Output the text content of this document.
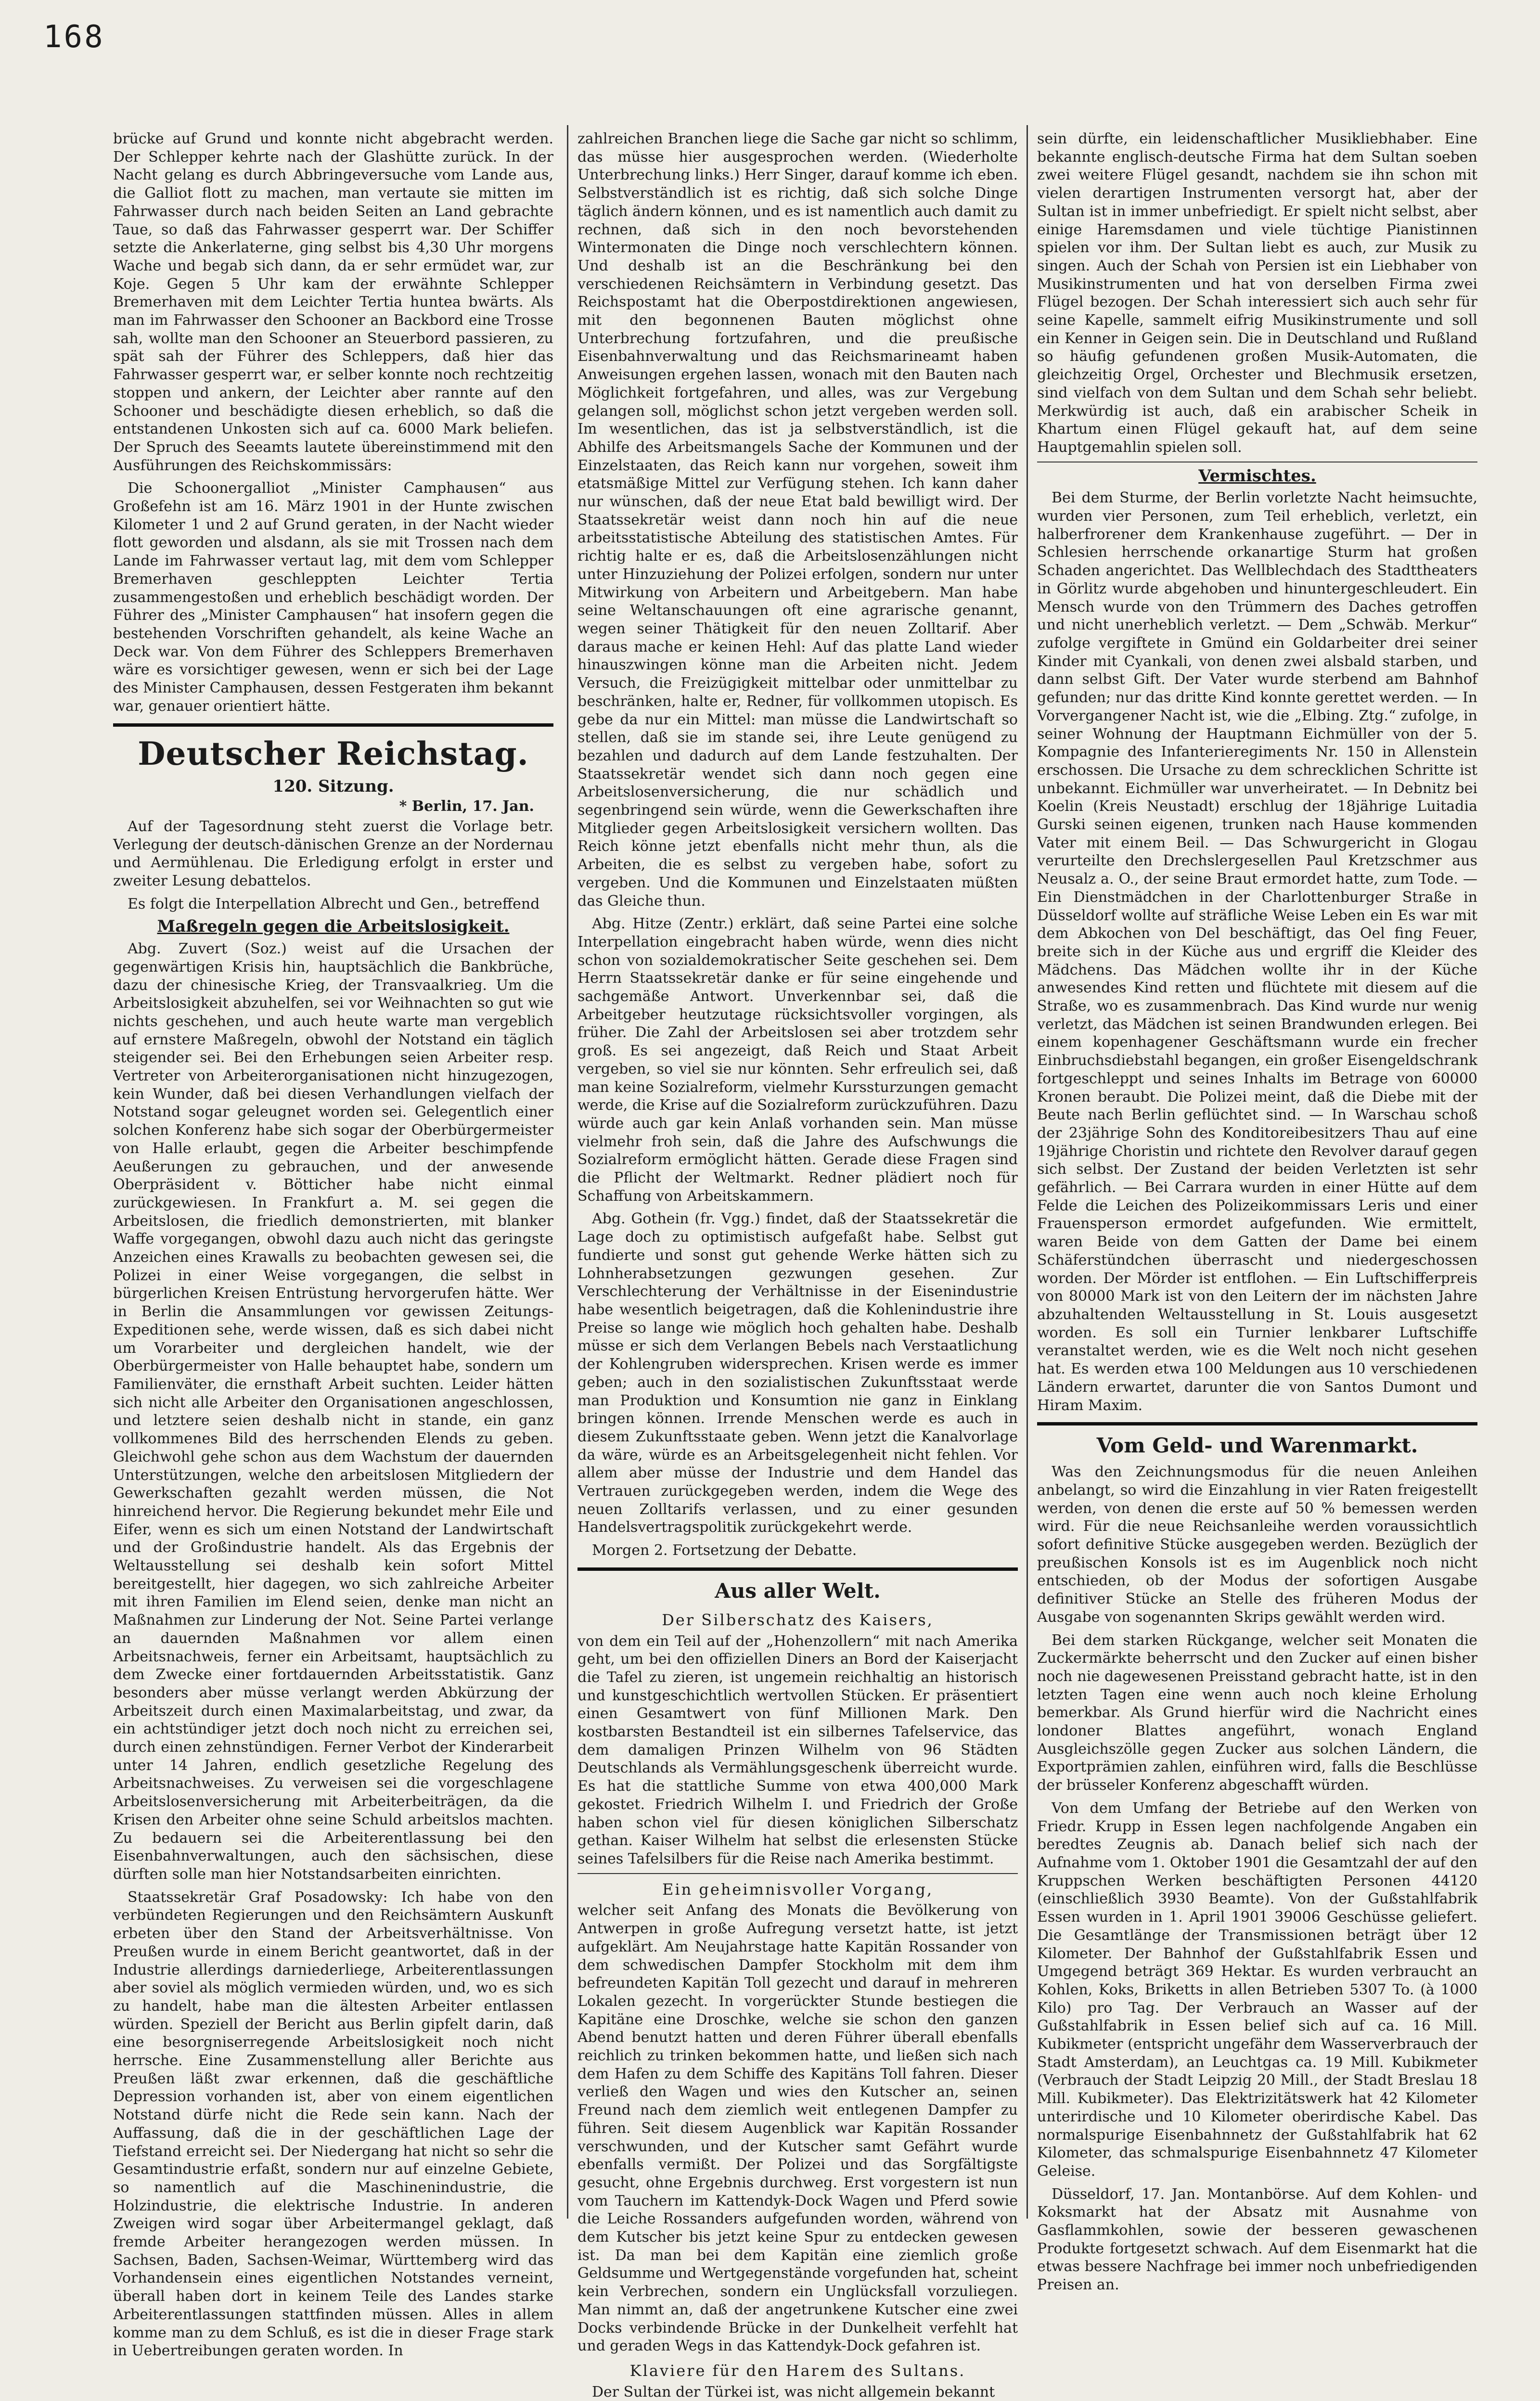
168

brücke auf Grund und konnte nicht abgebracht werden. Der Schlepper kehrte nach der Glashütte zurück. In der Nacht gelang es durch Abbringeversuche vom Lande aus, die Galliot flott zu machen, man vertaute sie mitten im Fahrwasser durch nach beiden Seiten an Land gebrachte Taue, so daß das Fahrwasser gesperrt war. Der Schiffer setzte die Ankerlaterne, ging selbst bis 4,30 Uhr morgens Wache und begab sich dann, da er sehr ermüdet war, zur Koje. Gegen 5 Uhr kam der erwähnte Schlepper Bremerhaven mit dem Leichter Tertia huntea bwärts. Als man im Fahrwasser den Schooner an Backbord eine Trosse sah, wollte man den Schooner an Steuerbord passieren, zu spät sah der Führer des Schleppers, daß hier das Fahrwasser gesperrt war, er selber konnte noch rechtzeitig stoppen und ankern, der Leichter aber rannte auf den Schooner und beschädigte diesen erheblich, so daß die entstandenen Unkosten sich auf ca. 6000 Mark beliefen. Der Spruch des Seeamts lautete übereinstimmend mit den Ausführungen des Reichskommissärs:

Die Schoonergalliot „Minister Camphausen“ aus Großefehn ist am 16. März 1901 in der Hunte zwischen Kilometer 1 und 2 auf Grund geraten, in der Nacht wieder flott geworden und alsdann, als sie mit Trossen nach dem Lande im Fahrwasser vertaut lag, mit dem vom Schlepper Bremerhaven geschleppten Leichter Tertia zusammengestoßen und erheblich beschädigt worden. Der Führer des „Minister Camphausen“ hat insofern gegen die bestehenden Vorschriften gehandelt, als keine Wache an Deck war. Von dem Führer des Schleppers Bremerhaven wäre es vorsichtiger gewesen, wenn er sich bei der Lage des Minister Camphausen, dessen Festgeraten ihm bekannt war, genauer orientiert hätte.

Deutscher Reichstag.
120. Sitzung.
* Berlin, 17. Jan.

Auf der Tagesordnung steht zuerst die Vorlage betr. Verlegung der deutsch-dänischen Grenze an der Nordernau und Aermühlenau. Die Erledigung erfolgt in erster und zweiter Lesung debattelos.

Es folgt die Interpellation Albrecht und Gen., betreffend

Maßregeln gegen die Arbeitslosigkeit.

Abg. Zuvert (Soz.) weist auf die Ursachen der gegenwärtigen Krisis hin, hauptsächlich die Bankbrüche, dazu der chinesische Krieg, der Transvaalkrieg. Um die Arbeitslosigkeit abzuhelfen, sei vor Weihnachten so gut wie nichts geschehen, und auch heute warte man vergeblich auf ernstere Maßregeln, obwohl der Notstand ein täglich steigender sei. Bei den Erhebungen seien Arbeiter resp. Vertreter von Arbeiterorganisationen nicht hinzugezogen, kein Wunder, daß bei diesen Verhandlungen vielfach der Notstand sogar geleugnet worden sei. Gelegentlich einer solchen Konferenz habe sich sogar der Oberbürgermeister von Halle erlaubt, gegen die Arbeiter beschimpfende Aeußerungen zu gebrauchen, und der anwesende Oberpräsident v. Bötticher habe nicht einmal zurückgewiesen. In Frankfurt a. M. sei gegen die Arbeitslosen, die friedlich demonstrierten, mit blanker Waffe vorgegangen, obwohl dazu auch nicht das geringste Anzeichen eines Krawalls zu beobachten gewesen sei, die Polizei in einer Weise vorgegangen, die selbst in bürgerlichen Kreisen Entrüstung hervorgerufen hätte. Wer in Berlin die Ansammlungen vor gewissen Zeitungs-Expeditionen sehe, werde wissen, daß es sich dabei nicht um Vorarbeiter und dergleichen handelt, wie der Oberbürgermeister von Halle behauptet habe, sondern um Familienväter, die ernsthaft Arbeit suchten. Leider hätten sich nicht alle Arbeiter den Organisationen angeschlossen, und letztere seien deshalb nicht in stande, ein ganz vollkommenes Bild des herrschenden Elends zu geben. Gleichwohl gehe schon aus dem Wachstum der dauernden Unterstützungen, welche den arbeitslosen Mitgliedern der Gewerkschaften gezahlt werden müssen, die Not hinreichend hervor. Die Regierung bekundet mehr Eile und Eifer, wenn es sich um einen Notstand der Landwirtschaft und der Großindustrie handelt. Als das Ergebnis der Weltausstellung sei deshalb kein sofort Mittel bereitgestellt, hier dagegen, wo sich zahlreiche Arbeiter mit ihren Familien im Elend seien, denke man nicht an Maßnahmen zur Linderung der Not. Seine Partei verlange an dauernden Maßnahmen vor allem einen Arbeitsnachweis, ferner ein Arbeitsamt, hauptsächlich zu dem Zwecke einer fortdauernden Arbeitsstatistik. Ganz besonders aber müsse verlangt werden Abkürzung der Arbeitszeit durch einen Maximalarbeitstag, und zwar, da ein achtstündiger jetzt doch noch nicht zu erreichen sei, durch einen zehnstündigen. Ferner Verbot der Kinderarbeit unter 14 Jahren, endlich gesetzliche Regelung des Arbeitsnachweises. Zu verweisen sei die vorgeschlagene Arbeitslosenversicherung mit Arbeiterbeiträgen, da die Krisen den Arbeiter ohne seine Schuld arbeitslos machten. Zu bedauern sei die Arbeiterentlassung bei den Eisenbahnverwaltungen, auch den sächsischen, diese dürften solle man hier Notstandsarbeiten einrichten.

Staatssekretär Graf Posadowsky: Ich habe von den verbündeten Regierungen und den Reichsämtern Auskunft erbeten über den Stand der Arbeitsverhältnisse. Von Preußen wurde in einem Bericht geantwortet, daß in der Industrie allerdings darniederliege, Arbeiterentlassungen aber soviel als möglich vermieden würden, und, wo es sich zu handelt, habe man die ältesten Arbeiter entlassen würden. Speziell der Bericht aus Berlin gipfelt darin, daß eine besorgniserregende Arbeitslosigkeit noch nicht herrsche. Eine Zusammenstellung aller Berichte aus Preußen läßt zwar erkennen, daß die geschäftliche Depression vorhanden ist, aber von einem eigentlichen Notstand dürfe nicht die Rede sein kann. Nach der Auffassung, daß die in der geschäftlichen Lage der Tiefstand erreicht sei. Der Niedergang hat nicht so sehr die Gesamtindustrie erfaßt, sondern nur auf einzelne Gebiete, so namentlich auf die Maschinenindustrie, die Holzindustrie, die elektrische Industrie. In anderen Zweigen wird sogar über Arbeitermangel geklagt, daß fremde Arbeiter herangezogen werden müssen. In Sachsen, Baden, Sachsen-Weimar, Württemberg wird das Vorhandensein eines eigentlichen Notstandes verneint, überall haben dort in keinem Teile des Landes starke Arbeiterentlassungen stattfinden müssen. Alles in allem komme man zu dem Schluß, es ist die in dieser Frage stark in Uebertreibungen geraten worden. In

zahlreichen Branchen liege die Sache gar nicht so schlimm, das müsse hier ausgesprochen werden. (Wiederholte Unterbrechung links.) Herr Singer, darauf komme ich eben. Selbstverständlich ist es richtig, daß sich solche Dinge täglich ändern können, und es ist namentlich auch damit zu rechnen, daß sich in den noch bevorstehenden Wintermonaten die Dinge noch verschlechtern können. Und deshalb ist an die Beschränkung bei den verschiedenen Reichsämtern in Verbindung gesetzt. Das Reichspostamt hat die Oberpostdirektionen angewiesen, mit den begonnenen Bauten möglichst ohne Unterbrechung fortzufahren, und die preußische Eisenbahnverwaltung und das Reichsmarineamt haben Anweisungen ergehen lassen, wonach mit den Bauten nach Möglichkeit fortgefahren, und alles, was zur Vergebung gelangen soll, möglichst schon jetzt vergeben werden soll. Im wesentlichen, das ist ja selbstverständlich, ist die Abhilfe des Arbeitsmangels Sache der Kommunen und der Einzelstaaten, das Reich kann nur vorgehen, soweit ihm etatsmäßige Mittel zur Verfügung stehen. Ich kann daher nur wünschen, daß der neue Etat bald bewilligt wird. Der Staatssekretär weist dann noch hin auf die neue arbeitsstatistische Abteilung des statistischen Amtes. Für richtig halte er es, daß die Arbeitslosenzählungen nicht unter Hinzuziehung der Polizei erfolgen, sondern nur unter Mitwirkung von Arbeitern und Arbeitgebern. Man habe seine Weltanschauungen oft eine agrarische genannt, wegen seiner Thätigkeit für den neuen Zolltarif. Aber daraus mache er keinen Hehl: Auf das platte Land wieder hinauszwingen könne man die Arbeiten nicht. Jedem Versuch, die Freizügigkeit mittelbar oder unmittelbar zu beschränken, halte er, Redner, für vollkommen utopisch. Es gebe da nur ein Mittel: man müsse die Landwirtschaft so stellen, daß sie im stande sei, ihre Leute genügend zu bezahlen und dadurch auf dem Lande festzuhalten. Der Staatssekretär wendet sich dann noch gegen eine Arbeitslosenversicherung, die nur schädlich und segenbringend sein würde, wenn die Gewerkschaften ihre Mitglieder gegen Arbeitslosigkeit versichern wollten. Das Reich könne jetzt ebenfalls nicht mehr thun, als die Arbeiten, die es selbst zu vergeben habe, sofort zu vergeben. Und die Kommunen und Einzelstaaten müßten das Gleiche thun.

Abg. Hitze (Zentr.) erklärt, daß seine Partei eine solche Interpellation eingebracht haben würde, wenn dies nicht schon von sozialdemokratischer Seite geschehen sei. Dem Herrn Staatssekretär danke er für seine eingehende und sachgemäße Antwort. Unverkennbar sei, daß die Arbeitgeber heutzutage rücksichtsvoller vorgingen, als früher. Die Zahl der Arbeitslosen sei aber trotzdem sehr groß. Es sei angezeigt, daß Reich und Staat Arbeit vergeben, so viel sie nur könnten. Sehr erfreulich sei, daß man keine Sozialreform, vielmehr Kurssturzungen gemacht werde, die Krise auf die Sozialreform zurückzuführen. Dazu würde auch gar kein Anlaß vorhanden sein. Man müsse vielmehr froh sein, daß die Jahre des Aufschwungs die Sozialreform ermöglicht hätten. Gerade diese Fragen sind die Pflicht der Weltmarkt. Redner plädiert noch für Schaffung von Arbeitskammern.

Abg. Gothein (fr. Vgg.) findet, daß der Staatssekretär die Lage doch zu optimistisch aufgefaßt habe. Selbst gut fundierte und sonst gut gehende Werke hätten sich zu Lohnherabsetzungen gezwungen gesehen. Zur Verschlechterung der Verhältnisse in der Eisenindustrie habe wesentlich beigetragen, daß die Kohlenindustrie ihre Preise so lange wie möglich hoch gehalten habe. Deshalb müsse er sich dem Verlangen Bebels nach Verstaatlichung der Kohlengruben widersprechen. Krisen werde es immer geben; auch in den sozialistischen Zukunftsstaat werde man Produktion und Konsumtion nie ganz in Einklang bringen können. Irrende Menschen werde es auch in diesem Zukunftsstaate geben. Wenn jetzt die Kanalvorlage da wäre, würde es an Arbeitsgelegenheit nicht fehlen. Vor allem aber müsse der Industrie und dem Handel das Vertrauen zurückgegeben werden, indem die Wege des neuen Zolltarifs verlassen, und zu einer gesunden Handelsvertragspolitik zurückgekehrt werde.

Morgen 2. Fortsetzung der Debatte.

Aus aller Welt.
Der Silberschatz des Kaisers,

von dem ein Teil auf der „Hohenzollern“ mit nach Amerika geht, um bei den offiziellen Diners an Bord der Kaiserjacht die Tafel zu zieren, ist ungemein reichhaltig an historisch und kunstgeschichtlich wertvollen Stücken. Er präsentiert einen Gesamtwert von fünf Millionen Mark. Den kostbarsten Bestandteil ist ein silbernes Tafelservice, das dem damaligen Prinzen Wilhelm von 96 Städten Deutschlands als Vermählungsgeschenk überreicht wurde. Es hat die stattliche Summe von etwa 400,000 Mark gekostet. Friedrich Wilhelm I. und Friedrich der Große haben schon viel für diesen königlichen Silberschatz gethan. Kaiser Wilhelm hat selbst die erlesensten Stücke seines Tafelsilbers für die Reise nach Amerika bestimmt.

Ein geheimnisvoller Vorgang,

welcher seit Anfang des Monats die Bevölkerung von Antwerpen in große Aufregung versetzt hatte, ist jetzt aufgeklärt. Am Neujahrstage hatte Kapitän Rossander von dem schwedischen Dampfer Stockholm mit dem ihm befreundeten Kapitän Toll gezecht und darauf in mehreren Lokalen gezecht. In vorgerückter Stunde bestiegen die Kapitäne eine Droschke, welche sie schon den ganzen Abend benutzt hatten und deren Führer überall ebenfalls reichlich zu trinken bekommen hatte, und ließen sich nach dem Hafen zu dem Schiffe des Kapitäns Toll fahren. Dieser verließ den Wagen und wies den Kutscher an, seinen Freund nach dem ziemlich weit entlegenen Dampfer zu führen. Seit diesem Augenblick war Kapitän Rossander verschwunden, und der Kutscher samt Gefährt wurde ebenfalls vermißt. Der Polizei und das Sorgfältigste gesucht, ohne Ergebnis durchweg. Erst vorgestern ist nun vom Tauchern im Kattendyk-Dock Wagen und Pferd sowie die Leiche Rossanders aufgefunden worden, während von dem Kutscher bis jetzt keine Spur zu entdecken gewesen ist. Da man bei dem Kapitän eine ziemlich große Geldsumme und Wertgegenstände vorgefunden hat, scheint kein Verbrechen, sondern ein Unglücksfall vorzuliegen. Man nimmt an, daß der angetrunkene Kutscher eine zwei Docks verbindende Brücke in der Dunkelheit verfehlt hat und geraden Wegs in das Kattendyk-Dock gefahren ist.

Klaviere für den Harem des Sultans.

Der Sultan der Türkei ist, was nicht allgemein bekannt

sein dürfte, ein leidenschaftlicher Musikliebhaber. Eine bekannte englisch-deutsche Firma hat dem Sultan soeben zwei weitere Flügel gesandt, nachdem sie ihn schon mit vielen derartigen Instrumenten versorgt hat, aber der Sultan ist in immer unbefriedigt. Er spielt nicht selbst, aber einige Haremsdamen und viele tüchtige Pianistinnen spielen vor ihm. Der Sultan liebt es auch, zur Musik zu singen. Auch der Schah von Persien ist ein Liebhaber von Musikinstrumenten und hat von derselben Firma zwei Flügel bezogen. Der Schah interessiert sich auch sehr für seine Kapelle, sammelt eifrig Musikinstrumente und soll ein Kenner in Geigen sein. Die in Deutschland und Rußland so häufig gefundenen großen Musik-Automaten, die gleichzeitig Orgel, Orchester und Blechmusik ersetzen, sind vielfach von dem Sultan und dem Schah sehr beliebt. Merkwürdig ist auch, daß ein arabischer Scheik in Khartum einen Flügel gekauft hat, auf dem seine Hauptgemahlin spielen soll.

Vermischtes.

Bei dem Sturme, der Berlin vorletzte Nacht heimsuchte, wurden vier Personen, zum Teil erheblich, verletzt, ein halberfrorener dem Krankenhause zugeführt. — Der in Schlesien herrschende orkanartige Sturm hat großen Schaden angerichtet. Das Wellblechdach des Stadttheaters in Görlitz wurde abgehoben und hinuntergeschleudert. Ein Mensch wurde von den Trümmern des Daches getroffen und nicht unerheblich verletzt. — Dem „Schwäb. Merkur“ zufolge vergiftete in Gmünd ein Goldarbeiter drei seiner Kinder mit Cyankali, von denen zwei alsbald starben, und dann selbst Gift. Der Vater wurde sterbend am Bahnhof gefunden; nur das dritte Kind konnte gerettet werden. — In Vorvergangener Nacht ist, wie die „Elbing. Ztg.“ zufolge, in seiner Wohnung der Hauptmann Eichmüller von der 5. Kompagnie des Infanterieregiments Nr. 150 in Allenstein erschossen. Die Ursache zu dem schrecklichen Schritte ist unbekannt. Eichmüller war unverheiratet. — In Debnitz bei Koelin (Kreis Neustadt) erschlug der 18jährige Luitadia Gurski seinen eigenen, trunken nach Hause kommenden Vater mit einem Beil. — Das Schwurgericht in Glogau verurteilte den Drechslergesellen Paul Kretzschmer aus Neusalz a. O., der seine Braut ermordet hatte, zum Tode. — Ein Dienstmädchen in der Charlottenburger Straße in Düsseldorf wollte auf sträfliche Weise Leben ein Es war mit dem Abkochen von Del beschäftigt, das Oel fing Feuer, breite sich in der Küche aus und ergriff die Kleider des Mädchens. Das Mädchen wollte ihr in der Küche anwesendes Kind retten und flüchtete mit diesem auf die Straße, wo es zusammenbrach. Das Kind wurde nur wenig verletzt, das Mädchen ist seinen Brandwunden erlegen. Bei einem kopenhagener Geschäftsmann wurde ein frecher Einbruchsdiebstahl begangen, ein großer Eisengeldschrank fortgeschleppt und seines Inhalts im Betrage von 60000 Kronen beraubt. Die Polizei meint, daß die Diebe mit der Beute nach Berlin geflüchtet sind. — In Warschau schoß der 23jährige Sohn des Konditoreibesitzers Thau auf eine 19jährige Choristin und richtete den Revolver darauf gegen sich selbst. Der Zustand der beiden Verletzten ist sehr gefährlich. — Bei Carrara wurden in einer Hütte auf dem Felde die Leichen des Polizeikommissars Leris und einer Frauensperson ermordet aufgefunden. Wie ermittelt, waren Beide von dem Gatten der Dame bei einem Schäferstündchen überrascht und niedergeschossen worden. Der Mörder ist entflohen. — Ein Luftschifferpreis von 80000 Mark ist von den Leitern der im nächsten Jahre abzuhaltenden Weltausstellung in St. Louis ausgesetzt worden. Es soll ein Turnier lenkbarer Luftschiffe veranstaltet werden, wie es die Welt noch nicht gesehen hat. Es werden etwa 100 Meldungen aus 10 verschiedenen Ländern erwartet, darunter die von Santos Dumont und Hiram Maxim.

Vom Geld- und Warenmarkt.

Was den Zeichnungsmodus für die neuen Anleihen anbelangt, so wird die Einzahlung in vier Raten freigestellt werden, von denen die erste auf 50 % bemessen werden wird. Für die neue Reichsanleihe werden voraussichtlich sofort definitive Stücke ausgegeben werden. Bezüglich der preußischen Konsols ist es im Augenblick noch nicht entschieden, ob der Modus der sofortigen Ausgabe definitiver Stücke an Stelle des früheren Modus der Ausgabe von sogenannten Skrips gewählt werden wird.

Bei dem starken Rückgange, welcher seit Monaten die Zuckermärkte beherrscht und den Zucker auf einen bisher noch nie dagewesenen Preisstand gebracht hatte, ist in den letzten Tagen eine wenn auch noch kleine Erholung bemerkbar. Als Grund hierfür wird die Nachricht eines londoner Blattes angeführt, wonach England Ausgleichszölle gegen Zucker aus solchen Ländern, die Exportprämien zahlen, einführen wird, falls die Beschlüsse der brüsseler Konferenz abgeschafft würden.

Von dem Umfang der Betriebe auf den Werken von Friedr. Krupp in Essen legen nachfolgende Angaben ein beredtes Zeugnis ab. Danach belief sich nach der Aufnahme vom 1. Oktober 1901 die Gesamtzahl der auf den Kruppschen Werken beschäftigten Personen 44120 (einschließlich 3930 Beamte). Von der Gußstahlfabrik Essen wurden in 1. April 1901 39006 Geschüsse geliefert. Die Gesamtlänge der Transmissionen beträgt über 12 Kilometer. Der Bahnhof der Gußstahlfabrik Essen und Umgegend beträgt 369 Hektar. Es wurden verbraucht an Kohlen, Koks, Briketts in allen Betrieben 5307 To. (à 1000 Kilo) pro Tag. Der Verbrauch an Wasser auf der Gußstahlfabrik in Essen belief sich auf ca. 16 Mill. Kubikmeter (entspricht ungefähr dem Wasserverbrauch der Stadt Amsterdam), an Leuchtgas ca. 19 Mill. Kubikmeter (Verbrauch der Stadt Leipzig 20 Mill., der Stadt Breslau 18 Mill. Kubikmeter). Das Elektrizitätswerk hat 42 Kilometer unterirdische und 10 Kilometer oberirdische Kabel. Das normalspurige Eisenbahnnetz der Gußstahlfabrik hat 62 Kilometer, das schmalspurige Eisenbahnnetz 47 Kilometer Geleise.

Düsseldorf, 17. Jan. Montanbörse. Auf dem Kohlen- und Koksmarkt hat der Absatz mit Ausnahme von Gasflammkohlen, sowie der besseren gewaschenen Produkte fortgesetzt schwach. Auf dem Eisenmarkt hat die etwas bessere Nachfrage bei immer noch unbefriedigenden Preisen an.
